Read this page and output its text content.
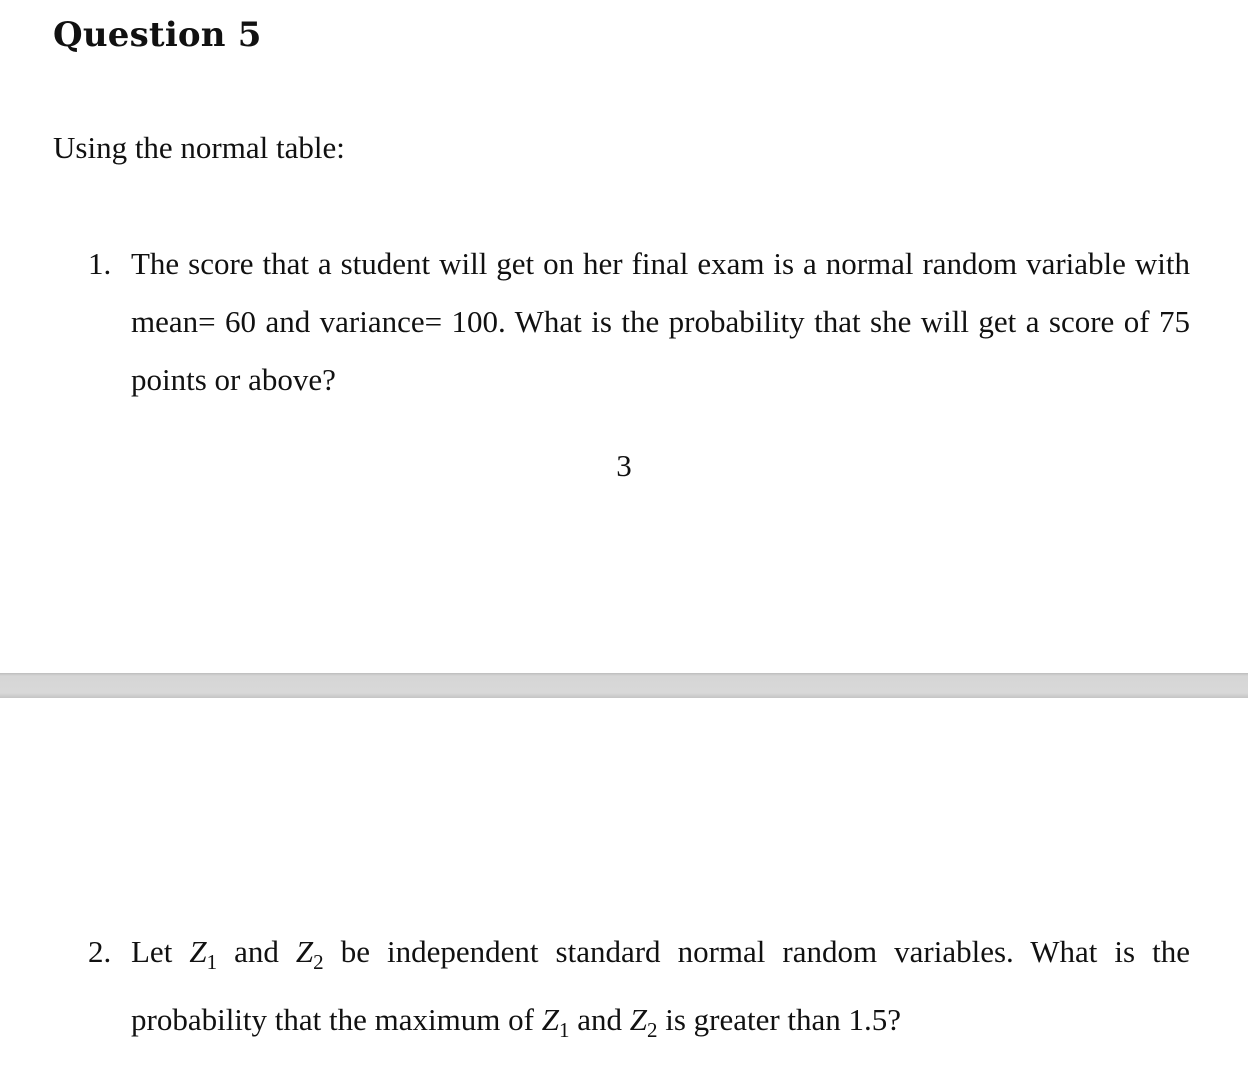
Question 5

Using the normal table:

1. The score that a student will get on her final exam is a normal random variable with mean= 60 and variance= 100. What is the probability that she will get a score of 75 points or above?
3
2. Let $Z_1$ and $Z_2$ be independent standard normal random variables. What is the probability that the maximum of $Z_1$ and $Z_2$ is greater than 1.5?
